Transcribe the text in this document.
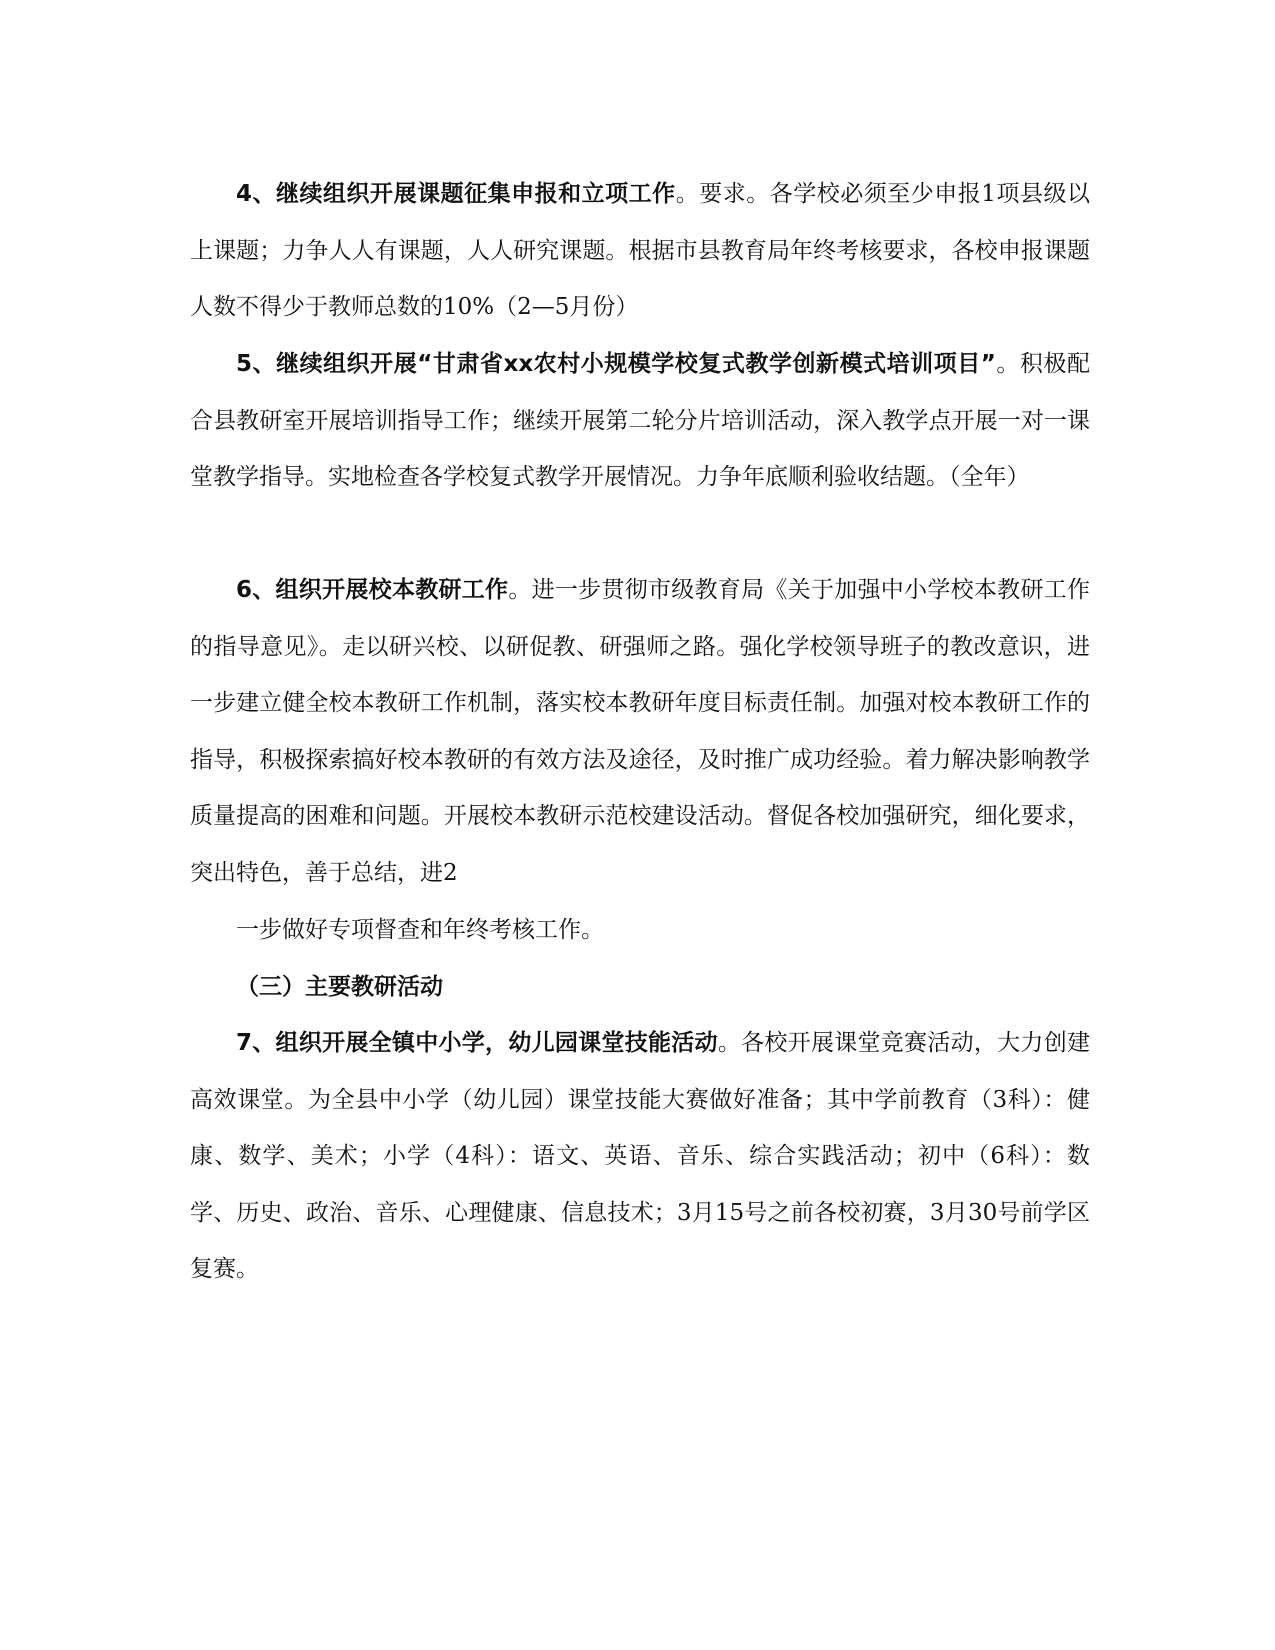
4、继续组织开展课题征集申报和立项工作。要求。各学校必须至少申报1项县级以上课题；力争人人有课题，人人研究课题。根据市县教育局年终考核要求，各校申报课题人数不得少于教师总数的10%（2—5月份）

5、继续组织开展“甘肃省xx农村小规模学校复式教学创新模式培训项目”。积极配合县教研室开展培训指导工作；继续开展第二轮分片培训活动，深入教学点开展一对一课堂教学指导。实地检查各学校复式教学开展情况。力争年底顺利验收结题。（全年）

6、组织开展校本教研工作。进一步贯彻市级教育局《关于加强中小学校本教研工作的指导意见》。走以研兴校、以研促教、研强师之路。强化学校领导班子的教改意识，进一步建立健全校本教研工作机制，落实校本教研年度目标责任制。加强对校本教研工作的指导，积极探索搞好校本教研的有效方法及途径，及时推广成功经验。着力解决影响教学质量提高的困难和问题。开展校本教研示范校建设活动。督促各校加强研究，细化要求，突出特色，善于总结，进2

一步做好专项督查和年终考核工作。

（三）主要教研活动

7、组织开展全镇中小学，幼儿园课堂技能活动。各校开展课堂竞赛活动，大力创建高效课堂。为全县中小学（幼儿园）课堂技能大赛做好准备；其中学前教育（3科）：健康、数学、美术；小学（4科）：语文、英语、音乐、综合实践活动；初中（6科）：数学、历史、政治、音乐、心理健康、信息技术；3月15号之前各校初赛，3月30号前学区复赛。
